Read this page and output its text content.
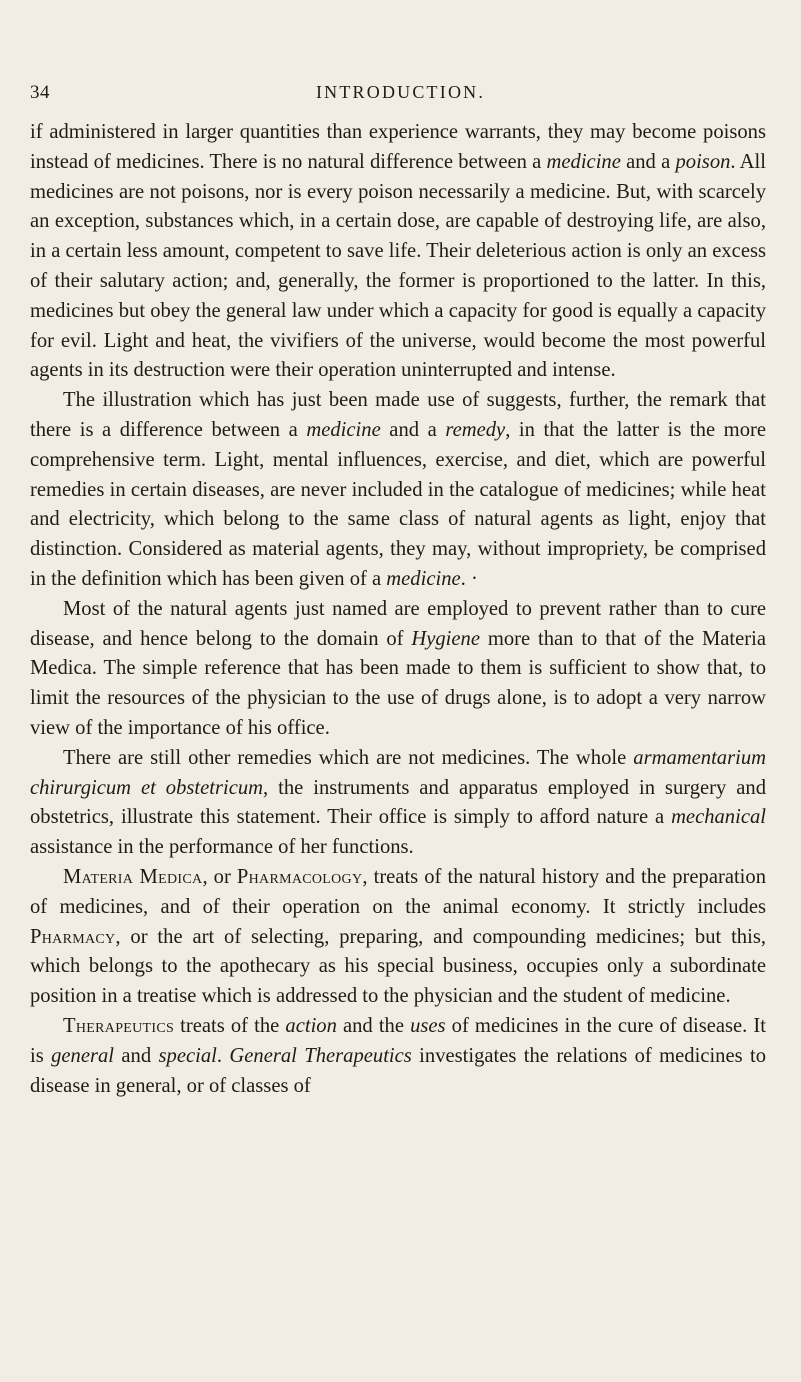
34	INTRODUCTION.

if administered in larger quantities than experience warrants, they may become poisons instead of medicines. There is no natural difference between a medicine and a poison. All medicines are not poisons, nor is every poison necessarily a medicine. But, with scarcely an exception, substances which, in a certain dose, are capable of destroying life, are also, in a certain less amount, competent to save life. Their deleterious action is only an excess of their salutary action; and, generally, the former is proportioned to the latter. In this, medicines but obey the general law under which a capacity for good is equally a capacity for evil. Light and heat, the vivifiers of the universe, would become the most powerful agents in its destruction were their operation uninterrupted and intense.

The illustration which has just been made use of suggests, further, the remark that there is a difference between a medicine and a remedy, in that the latter is the more comprehensive term. Light, mental influences, exercise, and diet, which are powerful remedies in certain diseases, are never included in the catalogue of medicines; while heat and electricity, which belong to the same class of natural agents as light, enjoy that distinction. Considered as material agents, they may, without impropriety, be comprised in the definition which has been given of a medicine. ·

Most of the natural agents just named are employed to prevent rather than to cure disease, and hence belong to the domain of Hygiene more than to that of the Materia Medica. The simple reference that has been made to them is sufficient to show that, to limit the resources of the physician to the use of drugs alone, is to adopt a very narrow view of the importance of his office.

There are still other remedies which are not medicines. The whole armamentarium chirurgicum et obstetricum, the instruments and apparatus employed in surgery and obstetrics, illustrate this statement. Their office is simply to afford nature a mechanical assistance in the performance of her functions.

Materia Medica, or Pharmacology, treats of the natural history and the preparation of medicines, and of their operation on the animal economy. It strictly includes Pharmacy, or the art of selecting, preparing, and compounding medicines; but this, which belongs to the apothecary as his special business, occupies only a subordinate position in a treatise which is addressed to the physician and the student of medicine.

Therapeutics treats of the action and the uses of medicines in the cure of disease. It is general and special. General Therapeutics investigates the relations of medicines to disease in general, or of classes of
